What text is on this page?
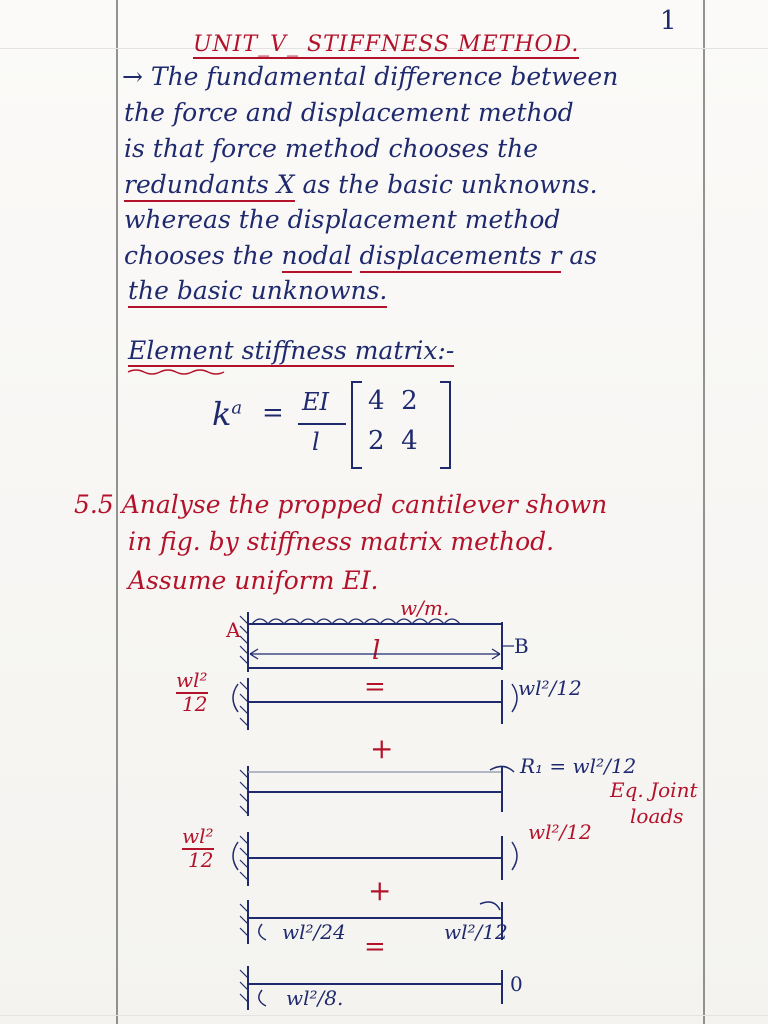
1
UNIT_V_ STIFFNESS METHOD.
→ The fundamental difference between
the force and displacement method
is that force method chooses the
redundants X as the basic unknowns.
whereas the displacement method
chooses the nodal displacements r as
the basic unknowns.
Element stiffness matrix:-
$k^a$ = EI
l
4  2
2  4
5.5 Analyse the propped cantilever shown
in fig. by stiffness matrix method.
Assume uniform EI.
w/m.
A
B
l
wl²
12
=	wl²/12
+
R₁ = wl²/12
Eq. Joint
loads
wl²
12
wl²/12
+
wl²/24 =	wl²/12
wl²/8.
0
